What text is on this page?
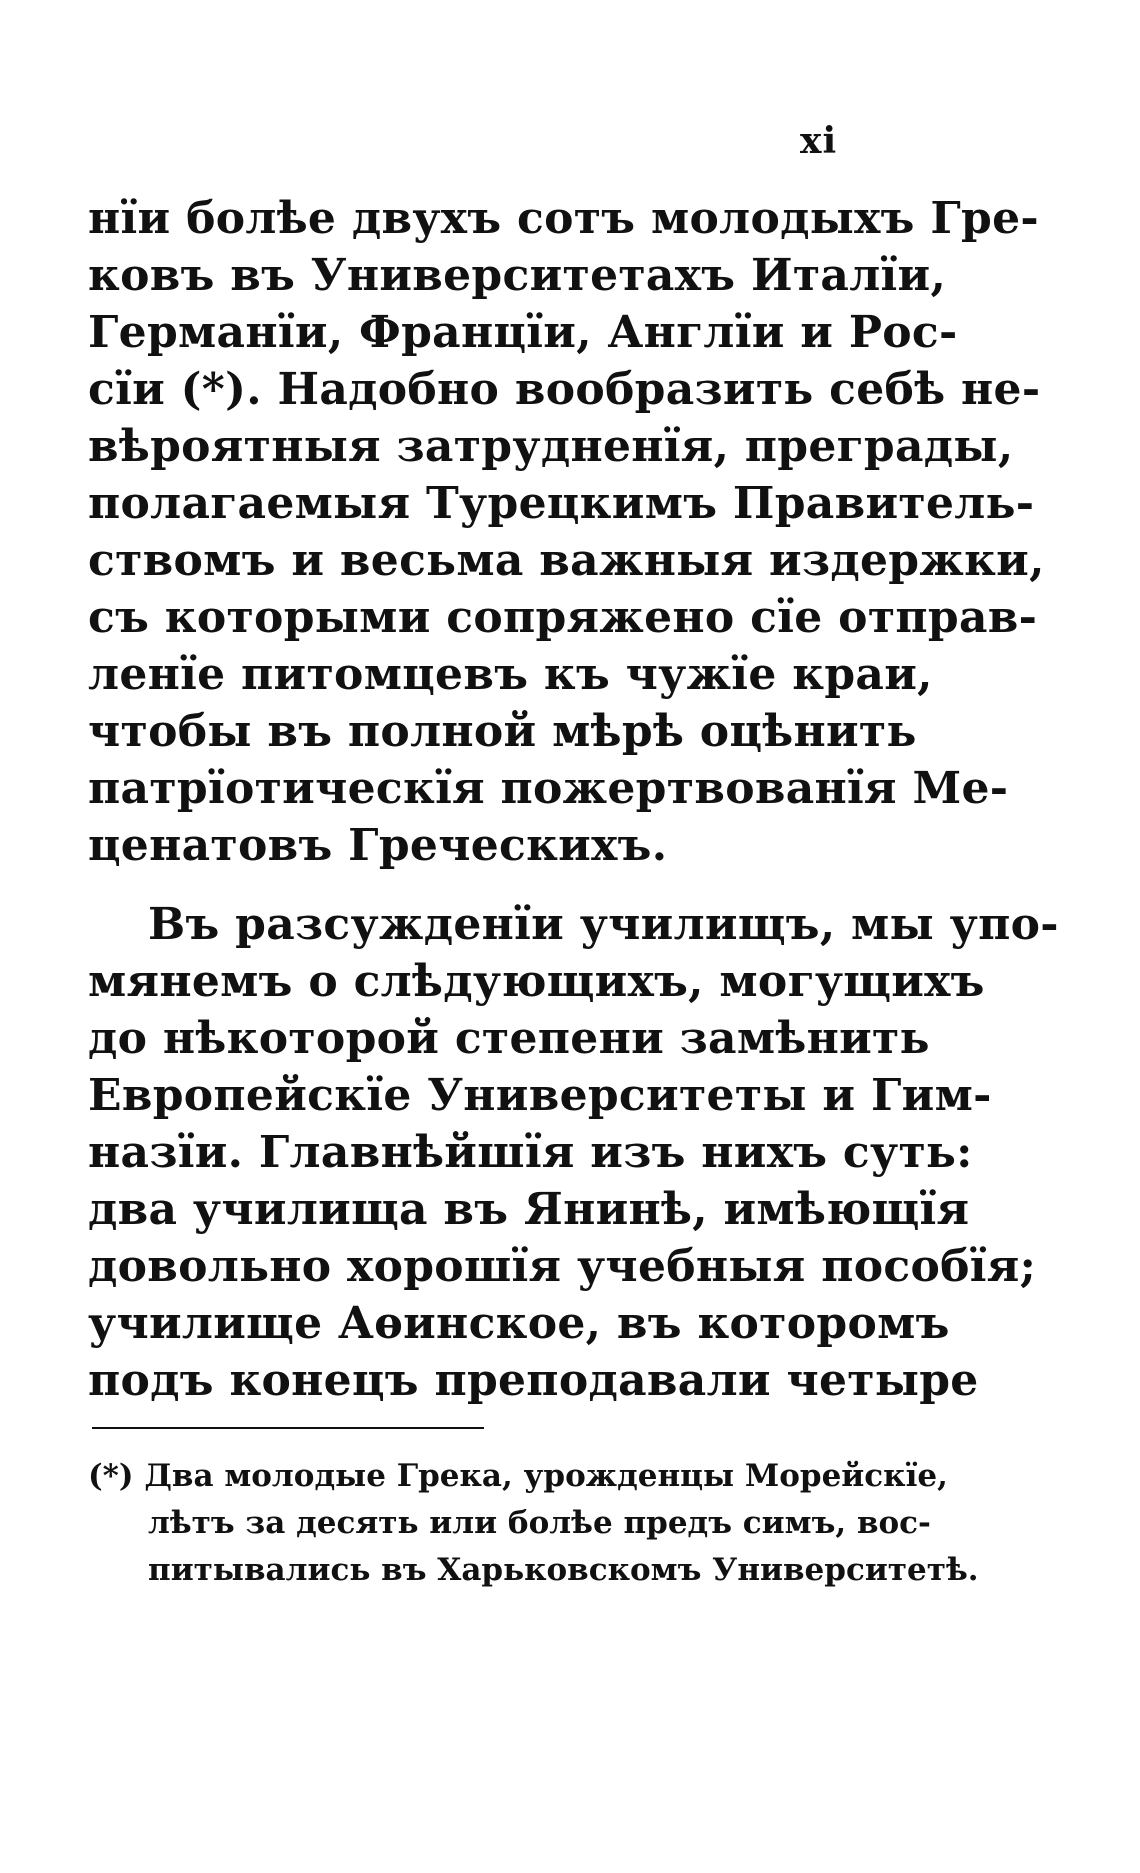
xi
нїи болѣе двухъ сотъ молодыхъ Гре-
ковъ въ Университетахъ Италїи,
Германїи, Францїи, Англїи и Рос-
сїи (*). Надобно вообразить себѣ не-
вѣроятныя затрудненїя, преграды,
полагаемыя Турецкимъ Правитель-
ствомъ и весьма важныя издержки,
съ которыми сопряжено сїе отправ-
ленїе питомцевъ къ чужїе краи,
чтобы въ полной мѣрѣ оцѣнить
патрїотическїя пожертвованїя Ме-
ценатовъ Греческихъ.
Въ разсужденїи училищъ, мы упо-
мянемъ о слѣдующихъ, могущихъ
до нѣкоторой степени замѣнить
Европейскїе Университеты и Гим-
назїи. Главнѣйшїя изъ нихъ суть:
два училища въ Янинѣ, имѣющїя
довольно хорошїя учебныя пособїя;
училище Аѳинское, въ которомъ
подъ конецъ преподавали четыре
(*) Два молодые Грека, урожденцы Морейскїе,
лѣтъ за десять или болѣе предъ симъ, вос-
питывались въ Харьковскомъ Университетѣ.
